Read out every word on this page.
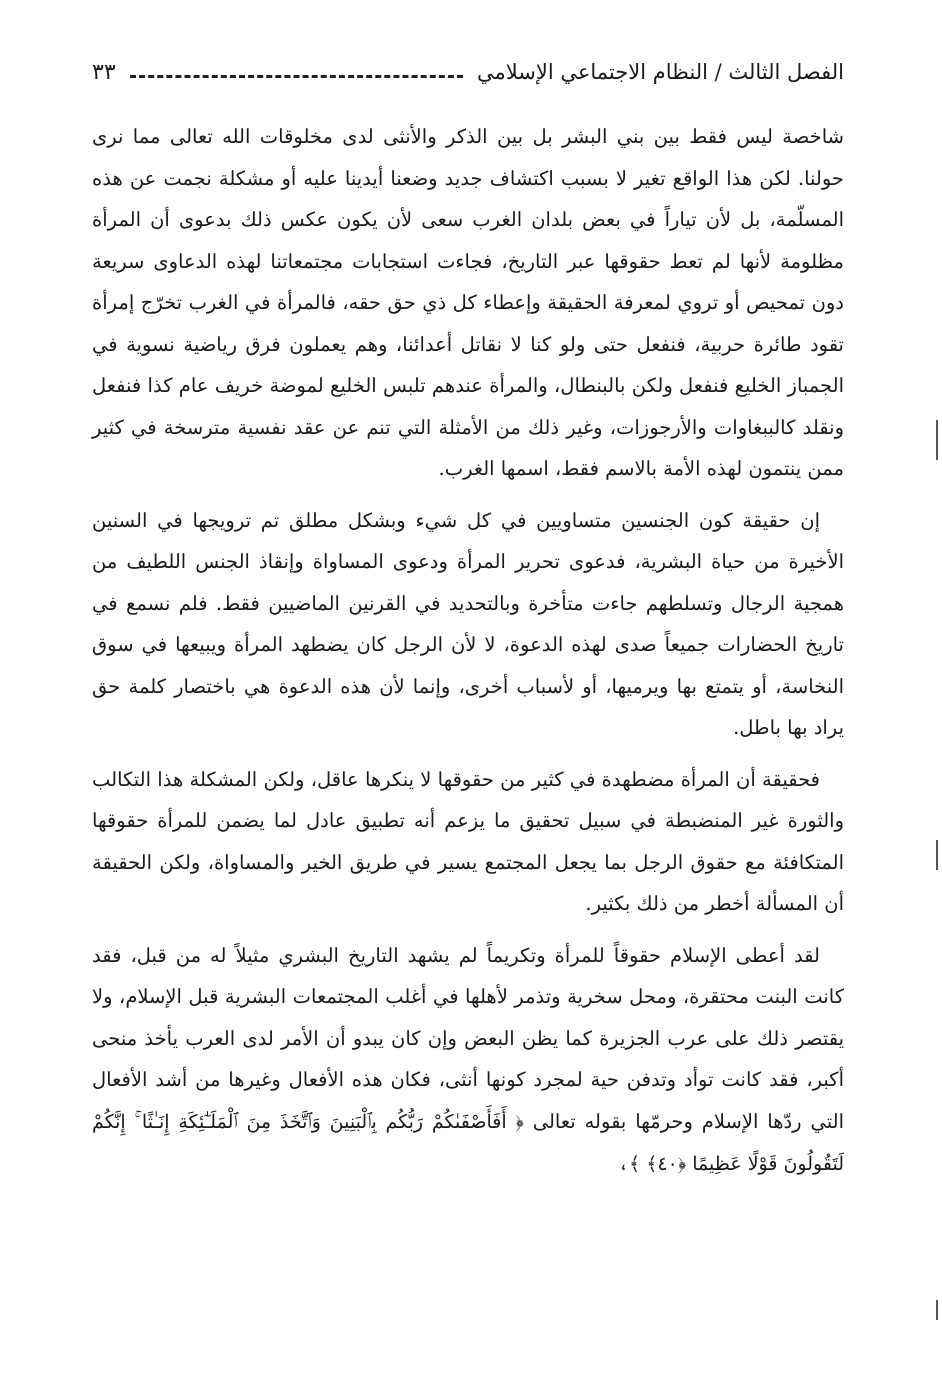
الفصل الثالث / النظام الاجتماعي الإسلامي
٣٣

شاخصة ليس فقط بين بني البشر بل بين الذكر والأنثى لدى مخلوقات الله تعالى مما نرى حولنا. لكن هذا الواقع تغير لا بسبب اكتشاف جديد وضعنا أيدينا عليه أو مشكلة نجمت عن هذه المسلّمة، بل لأن تياراً في بعض بلدان الغرب سعى لأن يكون عكس ذلك بدعوى أن المرأة مظلومة لأنها لم تعط حقوقها عبر التاريخ، فجاءت استجابات مجتمعاتنا لهذه الدعاوى سريعة دون تمحيص أو تروي لمعرفة الحقيقة وإعطاء كل ذي حق حقه، فالمرأة في الغرب تخرّج إمرأة تقود طائرة حربية، فنفعل حتى ولو كنا لا نقاتل أعدائنا، وهم يعملون فرق رياضية نسوية في الجمباز الخليع فنفعل ولكن بالبنطال، والمرأة عندهم تلبس الخليع لموضة خريف عام كذا فنفعل ونقلد كالببغاوات والأرجوزات، وغير ذلك من الأمثلة التي تنم عن عقد نفسية مترسخة في كثير ممن ينتمون لهذه الأمة بالاسم فقط، اسمها الغرب.

إن حقيقة كون الجنسين متساويين في كل شيء وبشكل مطلق تم ترويجها في السنين الأخيرة من حياة البشرية، فدعوى تحرير المرأة ودعوى المساواة وإنقاذ الجنس اللطيف من همجية الرجال وتسلطهم جاءت متأخرة وبالتحديد في القرنين الماضيين فقط. فلم نسمع في تاريخ الحضارات جميعاً صدى لهذه الدعوة، لا لأن الرجل كان يضطهد المرأة ويبيعها في سوق النخاسة، أو يتمتع بها ويرميها، أو لأسباب أخرى، وإنما لأن هذه الدعوة هي باختصار كلمة حق يراد بها باطل.

فحقيقة أن المرأة مضطهدة في كثير من حقوقها لا ينكرها عاقل، ولكن المشكلة هذا التكالب والثورة غير المنضبطة في سبيل تحقيق ما يزعم أنه تطبيق عادل لما يضمن للمرأة حقوقها المتكافئة مع حقوق الرجل بما يجعل المجتمع يسير في طريق الخير والمساواة، ولكن الحقيقة أن المسألة أخطر من ذلك بكثير.

لقد أعطى الإسلام حقوقاً للمرأة وتكريماً لم يشهد التاريخ البشري مثيلاً له من قبل، فقد كانت البنت محتقرة، ومحل سخرية وتذمر لأهلها في أغلب المجتمعات البشرية قبل الإسلام، ولا يقتصر ذلك على عرب الجزيرة كما يظن البعض وإن كان يبدو أن الأمر لدى العرب يأخذ منحى أكبر، فقد كانت توأد وتدفن حية لمجرد كونها أنثى، فكان هذه الأفعال وغيرها من أشد الأفعال التي ردّها الإسلام وحرمّها بقوله تعالى ﴿ أَفَأَصْفَىٰكُمْ رَبُّكُم بِٱلْبَنِينَ وَٱتَّخَذَ مِنَ ٱلْمَلَـٰٓئِكَةِ إِنَـٰثًا ۚ إِنَّكُمْ لَتَقُولُونَ قَوْلًا عَظِيمًا ﴿٤٠﴾ ﴾،
